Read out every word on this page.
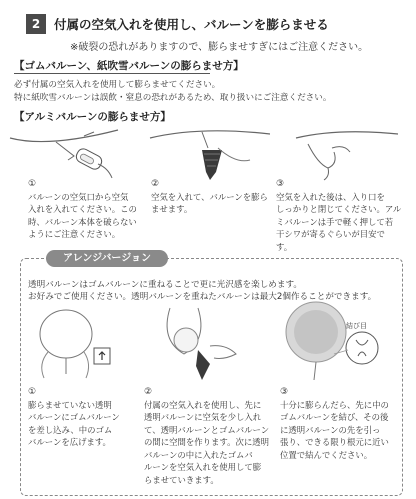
2	付属の空気入れを使用し、バルーンを膨らませる
※破裂の恐れがありますので、膨らませすぎにはご注意ください。
【ゴムバルーン、紙吹雪バルーンの膨らませ方】
必ず付属の空気入れを使用して膨らませてください。
特に紙吹雪バルーンは誤飲・窒息の恐れがあるため、取り扱いにご注意ください。
【アルミバルーンの膨らませ方】
①
バルーンの空気口から空気
入れを入れてください。この
時、バルーン本体を破らない
ようにご注意ください。
②
空気を入れて、バルーンを膨ら
ませます。
③
空気を入れた後は、入り口を
しっかりと閉じてください。アル
ミバルーンは手で軽く押して若
干シワが寄るぐらいが目安で
す。
アレンジバージョン
透明バルーンはゴムバルーンに重ねることで更に光沢感を楽しめます。
お好みでご使用ください。透明バルーンを重ねたバルーンは最大2個作ることができます。
結び目
①
膨らませていない透明
バルーンにゴムバルーン
を差し込み、中のゴム
バルーンを広げます。
②
付属の空気入れを使用し、先に
透明バルーンに空気を少し入れ
て、透明バルーンとゴムバルーン
の間に空間を作ります。次に透明
バルーンの中に入れたゴムバ
ルーンを空気入れを使用して膨
らませていきます。
③
十分に膨らんだら、先に中の
ゴムバルーンを結び、その後
に透明バルーンの先を引っ
張り、できる限り根元に近い
位置で結んでください。
